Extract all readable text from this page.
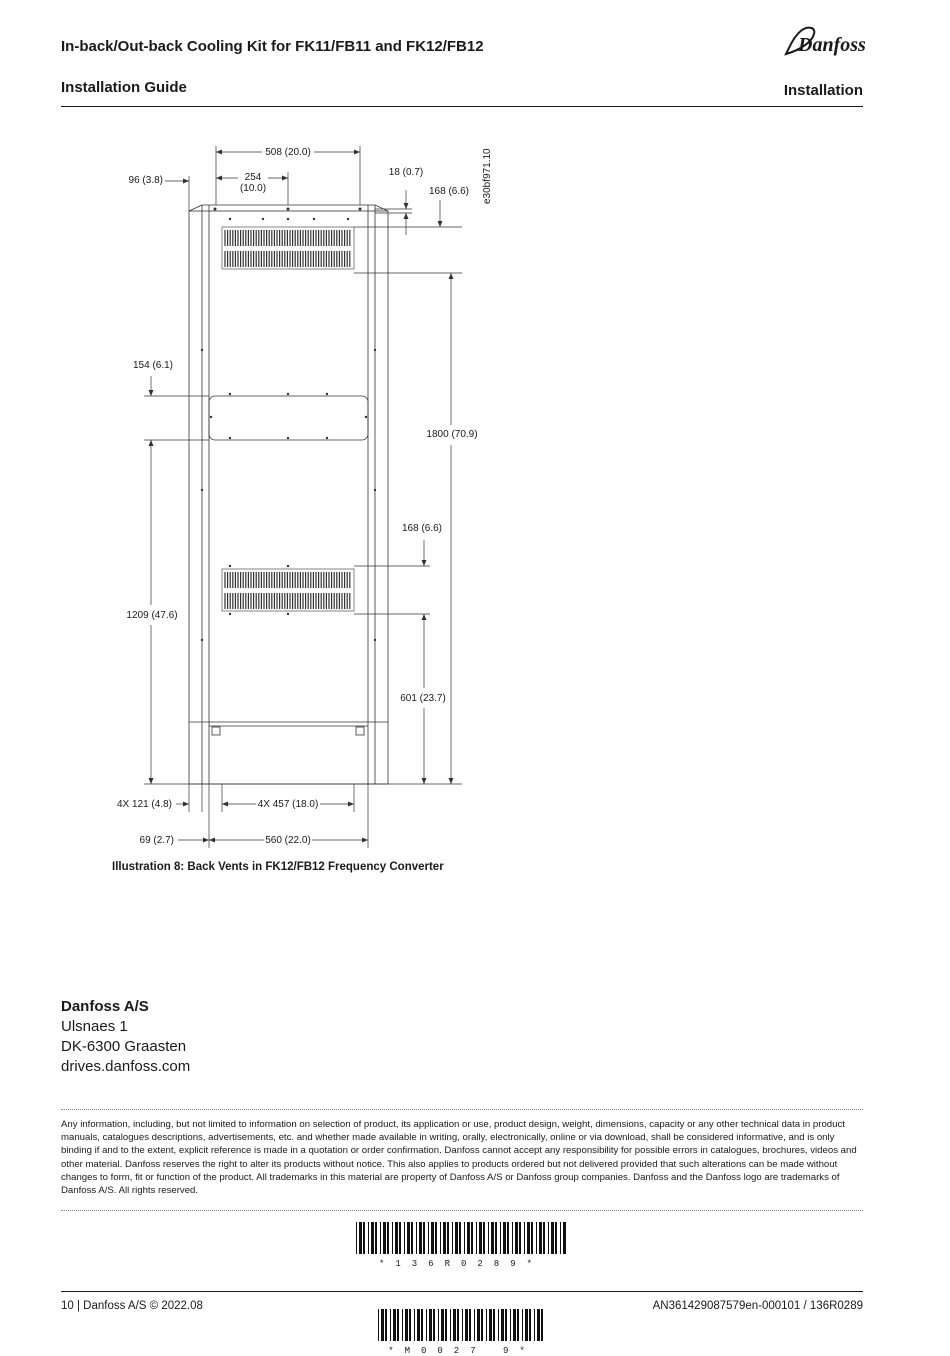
In-back/Out-back Cooling Kit for FK11/FB11 and FK12/FB12
Installation Guide	Installation
Danfoss
508 (20.0)
254
(10.0)
96 (3.8)
18 (0.7)
168 (6.6) e30bf971.10
154 (6.1)
1800 (70.9)
168 (6.6)
1209 (47.6)
601 (23.7)
4X 121 (4.8)	4X 457 (18.0)
69 (2.7)	560 (22.0)
Illustration 8: Back Vents in FK12/FB12 Frequency Converter
Danfoss A/S
Ulsnaes 1
DK-6300 Graasten
drives.danfoss.com
Any information, including, but not limited to information on selection of product, its application or use, product design, weight, dimensions, capacity or any other technical data in product manuals, catalogues descriptions, advertisements, etc. and whether made available in writing, orally, electronically, online or via download, shall be considered informative, and is only binding if and to the extent, explicit reference is made in a quotation or order confirmation. Danfoss cannot accept any responsibility for possible errors in catalogues, brochures, videos and other material. Danfoss reserves the right to alter its products without notice. This also applies to products ordered but not delivered provided that such alterations can be made without changes to form, fit or function of the product. All trademarks in this material are property of Danfoss A/S or Danfoss group companies. Danfoss and the Danfoss logo are trademarks of Danfoss A/S. All rights reserved.
*136R0289*
10 | Danfoss A/S © 2022.08	AN361429087579en-000101 / 136R0289
*M0027 9*
